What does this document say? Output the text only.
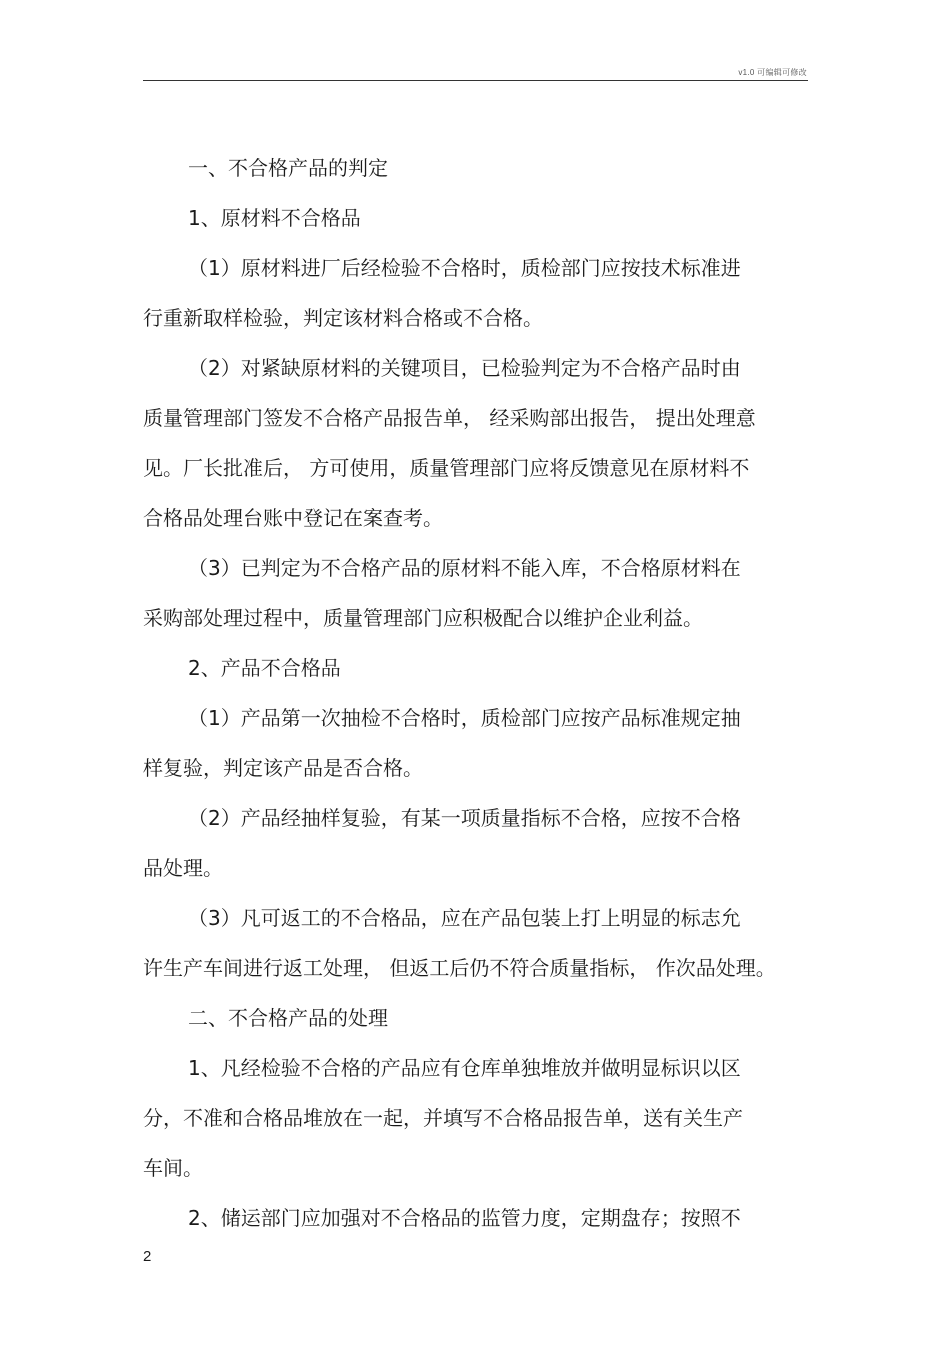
v1.0 可编辑可修改
一、不合格产品的判定
1、原材料不合格品
（1）原材料进厂后经检验不合格时，质检部门应按技术标准进
行重新取样检验，判定该材料合格或不合格。
（2）对紧缺原材料的关键项目，已检验判定为不合格产品时由
质量管理部门签发不合格产品报告单， 经采购部出报告， 提出处理意
见。厂长批准后， 方可使用，质量管理部门应将反馈意见在原材料不
合格品处理台账中登记在案查考。
（3）已判定为不合格产品的原材料不能入库，不合格原材料在
采购部处理过程中，质量管理部门应积极配合以维护企业利益。
2、产品不合格品
（1）产品第一次抽检不合格时，质检部门应按产品标准规定抽
样复验，判定该产品是否合格。
（2）产品经抽样复验，有某一项质量指标不合格，应按不合格
品处理。
（3）凡可返工的不合格品，应在产品包装上打上明显的标志允
许生产车间进行返工处理， 但返工后仍不符合质量指标， 作次品处理。
二、不合格产品的处理
1、凡经检验不合格的产品应有仓库单独堆放并做明显标识以区
分，不准和合格品堆放在一起，并填写不合格品报告单，送有关生产
车间。
2、储运部门应加强对不合格品的监管力度，定期盘存；按照不
2
